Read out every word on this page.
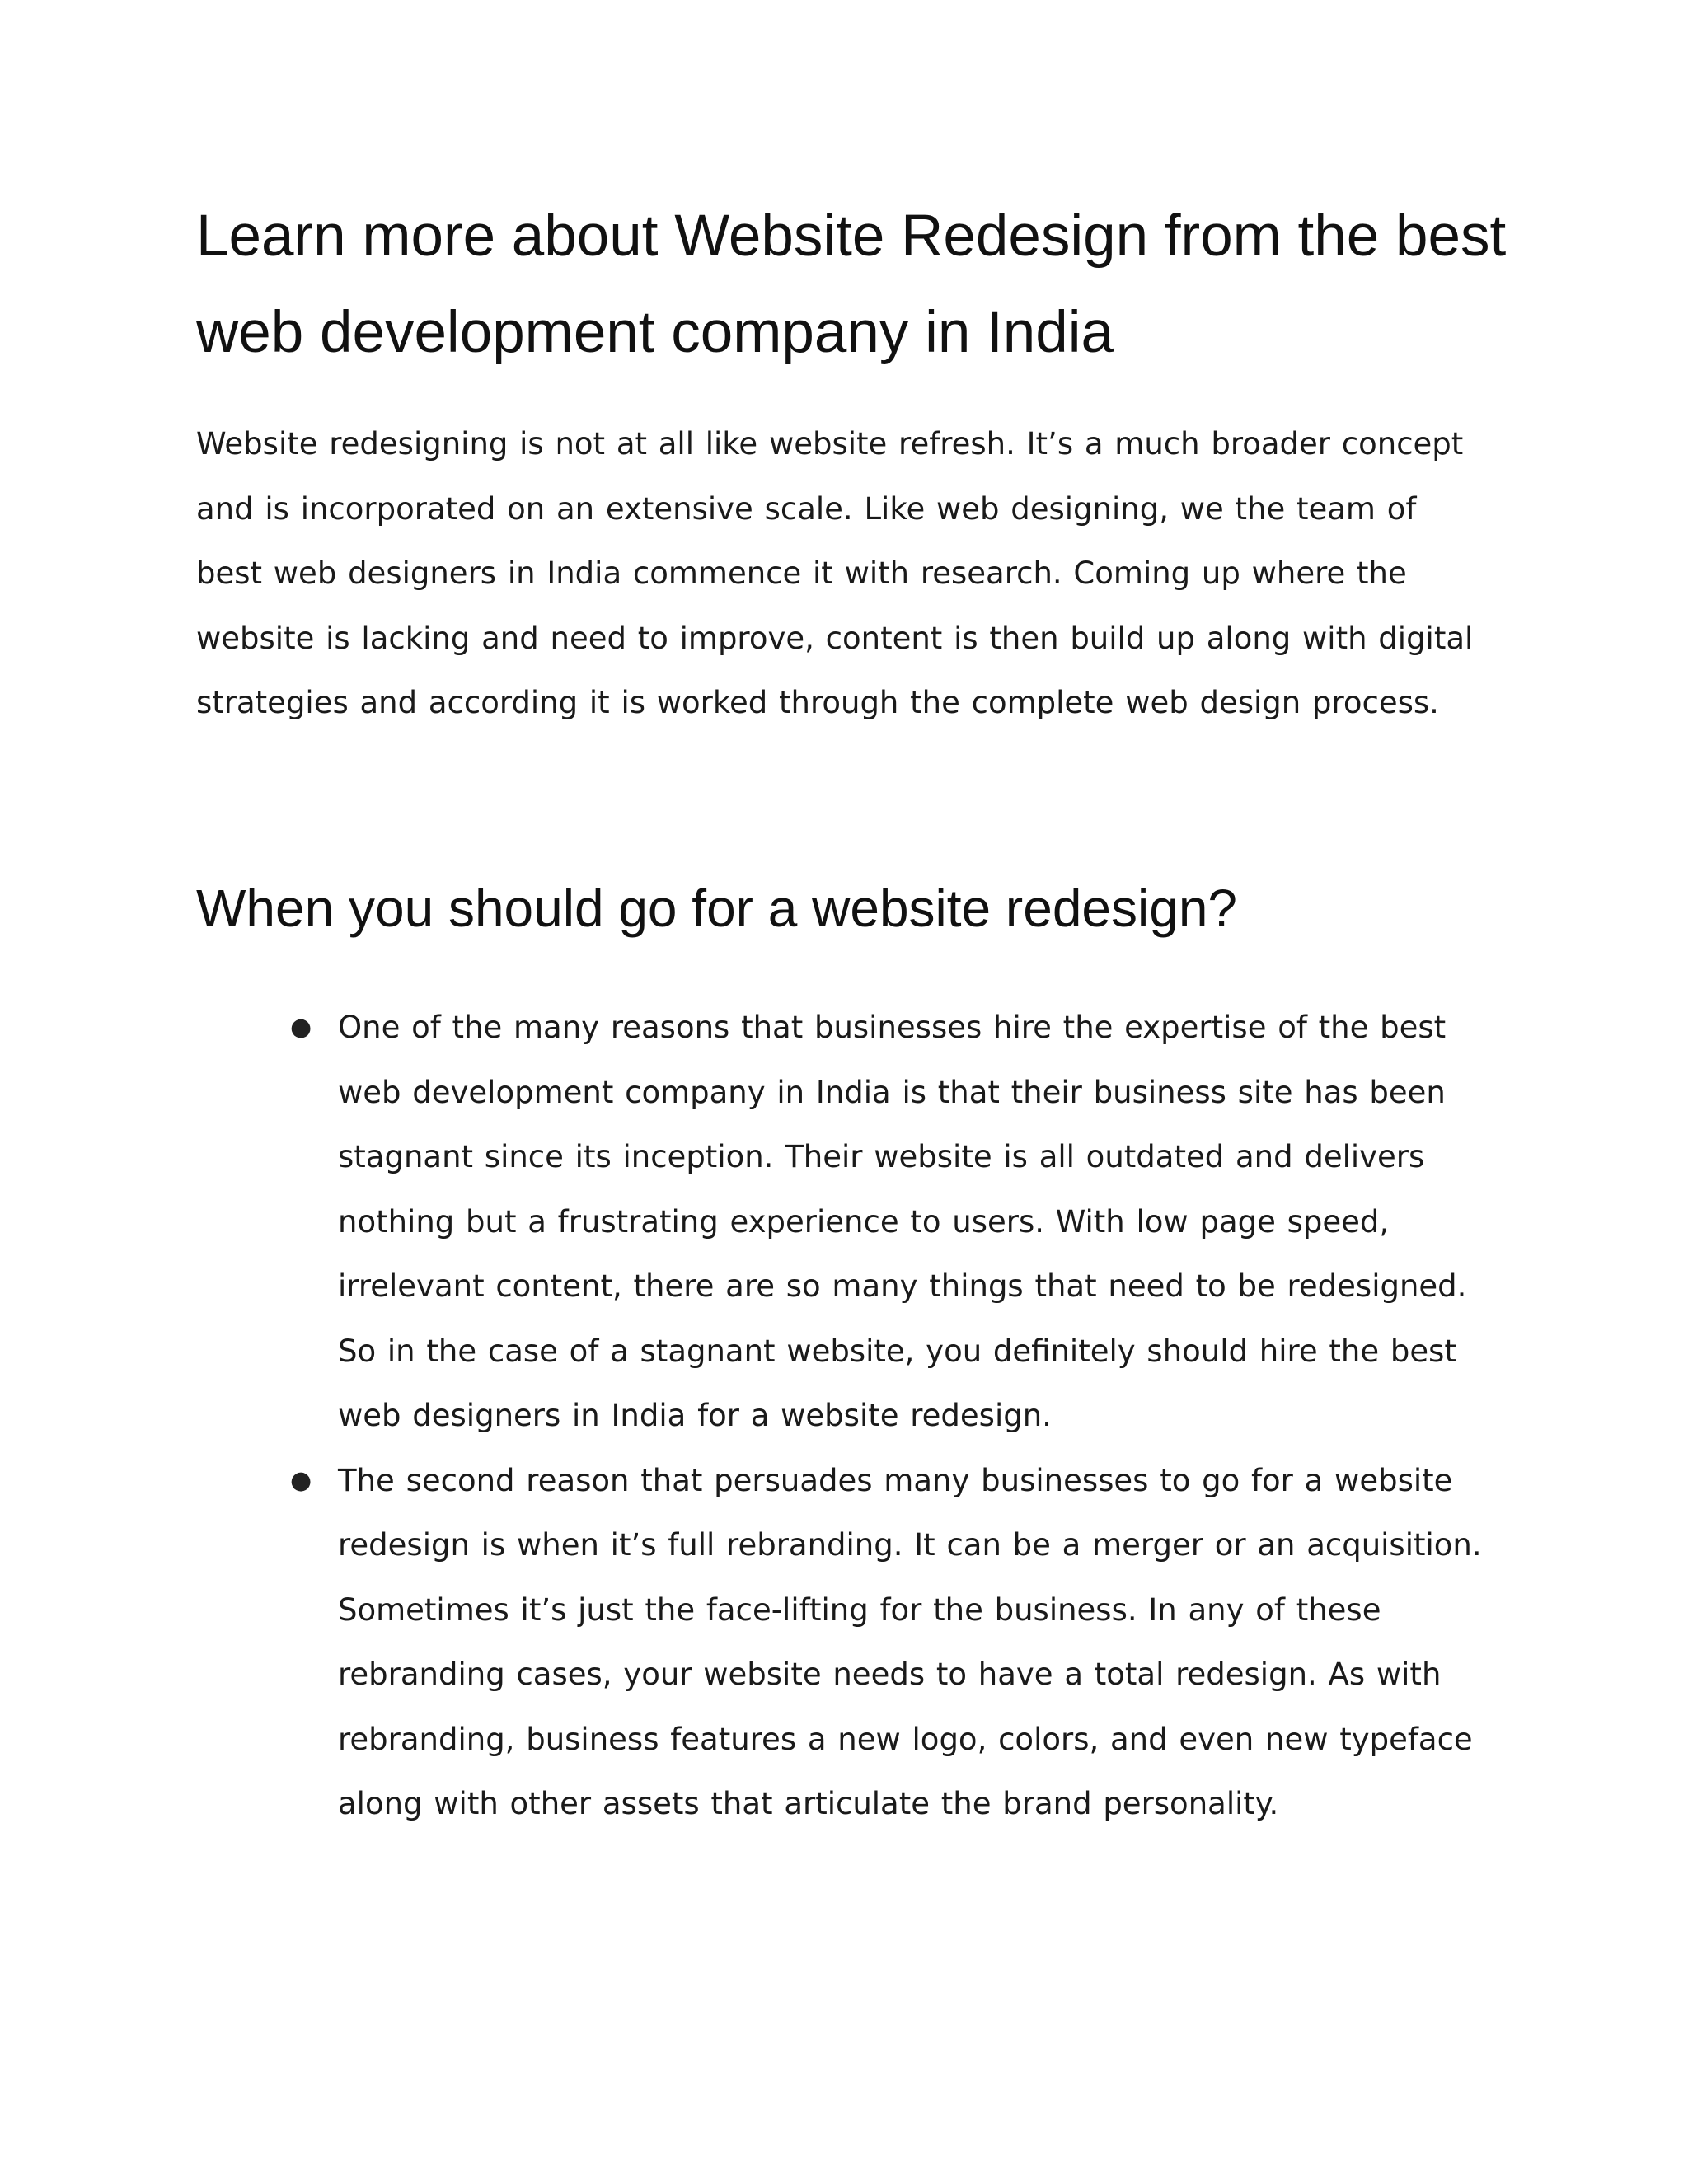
Learn more about Website Redesign from the best web development company in India

Website redesigning is not at all like website refresh. It’s a much broader concept and is incorporated on an extensive scale. Like web designing, we the team of best web designers in India commence it with research. Coming up where the website is lacking and need to improve, content is then build up along with digital strategies and according it is worked through the complete web design process.

When you should go for a website redesign?
● One of the many reasons that businesses hire the expertise of the best web development company in India is that their business site has been stagnant since its inception. Their website is all outdated and delivers nothing but a frustrating experience to users. With low page speed, irrelevant content, there are so many things that need to be redesigned. So in the case of a stagnant website, you definitely should hire the best web designers in India for a website redesign.
● The second reason that persuades many businesses to go for a website redesign is when it’s full rebranding. It can be a merger or an acquisition. Sometimes it’s just the face-lifting for the business. In any of these rebranding cases, your website needs to have a total redesign. As with rebranding, business features a new logo, colors, and even new typeface along with other assets that articulate the brand personality.
